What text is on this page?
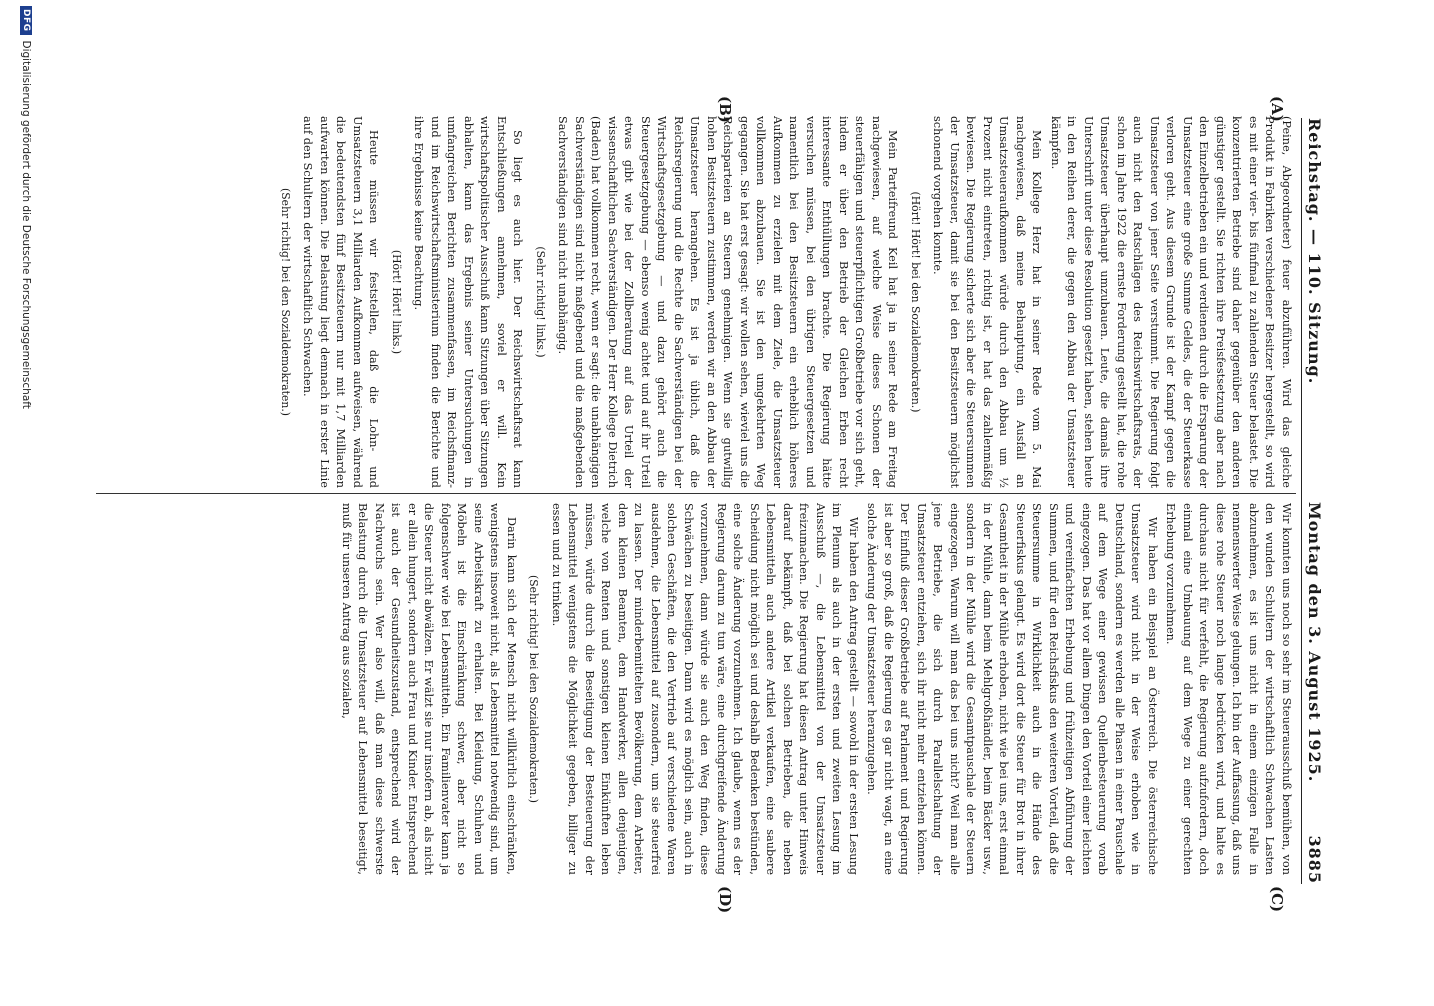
Reichstag. — 110. Sitzung.
Montag den 3. August 1925.
3885
(A)
(B)
(C)
(D)

(Peine, Abgeordneter) feuer abzuführen. Wird das gleiche Produkt in Fabriken verschiedener Besitzer hergestellt, so wird es mit einer vier- bis fünfmal zu zahlenden Steuer belastet. Die konzentrierten Betriebe sind daher gegenüber den anderen günstiger gestellt. Sie richten ihre Preisfestsetzung aber nach den Einzelbetrieben ein und verdienen durch die Ersparung der Umsatzsteuer eine große Summe Geldes, die der Steuerkasse verloren geht. Aus diesem Grunde ist der Kampf gegen die Umsatzsteuer von jener Seite verstummt. Die Regierung folgt auch nicht den Ratschlägen des Reichswirtschaftsrats, der schon im Jahre 1922 die ernste Forderung gestellt hat, die rohe Umsatzsteuer überhaupt umzubauen. Leute, die damals ihre Unterschrift unter diese Resolution gesetzt haben, stehen heute in den Reihen derer, die gegen den Abbau der Umsatzsteuer kämpfen.

Mein Kollege Herz hat in seiner Rede vom 5. Mai nachgewiesen, daß meine Behauptung, ein Ausfall an Umsatzsteueraufkommen würde durch den Abbau um ½ Prozent nicht eintreten, richtig ist, er hat das zahlenmäßig bewiesen. Die Regierung sicherte sich aber die Steuersummen der Umsatzsteuer, damit sie bei den Besitzsteuern möglichst schonend vorgehen konnte.

(Hört! Hört! bei den Sozialdemokraten.)

Mein Parteifreund Keil hat ja in seiner Rede am Freitag nachgewiesen, auf welche Weise dieses Schonen der steuerfähigen und steuerpflichtigen Großbetriebe vor sich geht, indem er über den Betrieb der Gleichen Erben recht interessante Enthüllungen brachte. Die Regierung hätte versuchen müssen, bei den übrigen Steuergesetzen und namentlich bei den Besitzsteuern ein erheblich höheres Aufkommen zu erzielen mit dem Ziele, die Umsatzsteuer vollkommen abzubauen. Sie ist den umgekehrten Weg gegangen. Sie hat erst gesagt: wir wollen sehen, wieviel uns die Reichsparteien an Steuern genehmigen. Wenn sie gutwillig hohen Besitzsteuern zustimmen, werden wir an den Abbau der Umsatzsteuer herangehen. Es ist ja üblich, daß die Reichsregierung und die Rechte die Sachverständigen bei der Wirtschaftsgesetzgebung — und dazu gehört auch die Steuergesetzgebung — ebenso wenig achtet und auf ihr Urteil etwas gibt wie bei der Zollberatung auf das Urteil der wissenschaftlichen Sachverständigen. Der Herr Kollege Dietrich (Baden) hat vollkommen recht, wenn er sagt: die unabhängigen Sachverständigen sind nicht maßgebend und die maßgebenden Sachverständigen sind nicht unabhängig.

(Sehr richtig! links.)

So liegt es auch hier. Der Reichswirtschaftsrat kann Entschließungen annehmen, soviel er will. Kein wirtschaftspolitischer Ausschuß kann Sitzungen über Sitzungen abhalten, kann das Ergebnis seiner Untersuchungen in umfangreichen Berichten zusammenfassen, im Reichsfinanz- und im Reichswirtschaftsministerium finden die Berichte und ihre Ergebnisse keine Beachtung.

(Hört! Hört! links.)

Heute müssen wir feststellen, daß die Lohn- und Umsatzsteuern 3,1 Milliarden Aufkommen aufweisen, während die bedeutendsten fünf Besitzsteuern nur mit 1,7 Milliarden aufwarten können. Die Belastung liegt demnach in erster Linie auf den Schultern der wirtschaftlich Schwachen.

(Sehr richtig! bei den Sozialdemokraten.)

Wir konnten uns noch so sehr im Steuerausschuß bemühen, von den wunden Schultern der wirtschaftlich Schwachen Lasten abzunehmen, es ist uns nicht in einem einzigen Falle in nennenswerter Weise gelungen. Ich bin der Auffassung, daß uns diese rohe Steuer noch lange bedrücken wird, und halte es durchaus nicht für verfehlt, die Regierung aufzufordern, doch einmal eine Umbauung auf dem Wege zu einer gerechten Erhebung vorzunehmen.

Wir haben ein Beispiel an Österreich. Die österreichische Umsatzsteuer wird nicht in der Weise erhoben wie in Deutschland, sondern es werden alle Phasen in einer Pauschale auf dem Wege einer gewissen Quellenbesteuerung vorab eingezogen. Das hat vor allem Dingen den Vorteil einer leichten und vereinfachten Erhebung und frühzeitigen Abführung der Summen, und für den Reichsfiskus den weiteren Vorteil, daß die Steuersumme in Wirklichkeit auch in die Hände des Steuerfiskus gelangt. Es wird dort die Steuer für Brot in ihrer Gesamtheit in der Mühle erhoben, nicht wie bei uns, erst einmal in der Mühle, dann beim Mehlgroßhändler, beim Bäcker usw., sondern in der Mühle wird die Gesamtpauschale der Steuern eingezogen. Warum will man das bei uns nicht? Weil man alle jene Betriebe, die sich durch Parallelschaltung der Umsatzsteuer entziehen, sich ihr nicht mehr entziehen können. Der Einfluß dieser Großbetriebe auf Parlament und Regierung ist aber so groß, daß die Regierung es gar nicht wagt, an eine solche Änderung der Umsatzsteuer heranzugehen.

Wir haben den Antrag gestellt — sowohl in der ersten Lesung im Plenum als auch in der ersten und zweiten Lesung im Ausschuß —, die Lebensmittel von der Umsatzsteuer freizumachen. Die Regierung hat diesen Antrag unter Hinweis darauf bekämpft, daß bei solchen Betrieben, die neben Lebensmitteln auch andere Artikel verkaufen, eine saubere Scheidung nicht möglich sei und deshalb Bedenken bestünden, eine solche Änderung vorzunehmen. Ich glaube, wenn es der Regierung darum zu tun wäre, eine durchgreifende Änderung vorzunehmen, dann würde sie auch den Weg finden, diese Schwächen zu beseitigen. Dann wird es möglich sein, auch in solchen Geschäften, die den Vertrieb auf verschiedene Waren ausdehnen, die Lebensmittel auf zusondern, um sie steuerfrei zu lassen. Der minderbemittelten Bevölkerung, dem Arbeiter, dem kleinen Beamten, dem Handwerker, allen denjenigen, welche von Renten und sonstigen kleinen Einkünften leben müssen, würde durch die Beseitigung der Besteuerung der Lebensmittel wenigstens die Möglichkeit gegeben, billiger zu essen und zu trinken.

(Sehr richtig! bei den Sozialdemokraten.)

Darin kann sich der Mensch nicht willkürlich einschränken, wenigstens insoweit nicht, als Lebensmittel notwendig sind, um seine Arbeitskraft zu erhalten. Bei Kleidung, Schuhen und Möbeln ist die Einschränkung schwer, aber nicht so folgenschwer wie bei Lebensmitteln. Ein Familienvater kann ja die Steuer nicht abwälzen. Er wälzt sie nur insofern ab, als nicht er allein hungert, sondern auch Frau und Kinder. Entsprechend ist auch der Gesundheitszustand, entsprechend wird der Nachwuchs sein. Wer also will, daß man diese schwerste Belastung durch die Umsatzsteuer auf Lebensmittel beseitigt, muß für unseren Antrag aus sozialen,

DFG
Digitalisierung gefördert durch die Deutsche Forschungsgemeinschaft
